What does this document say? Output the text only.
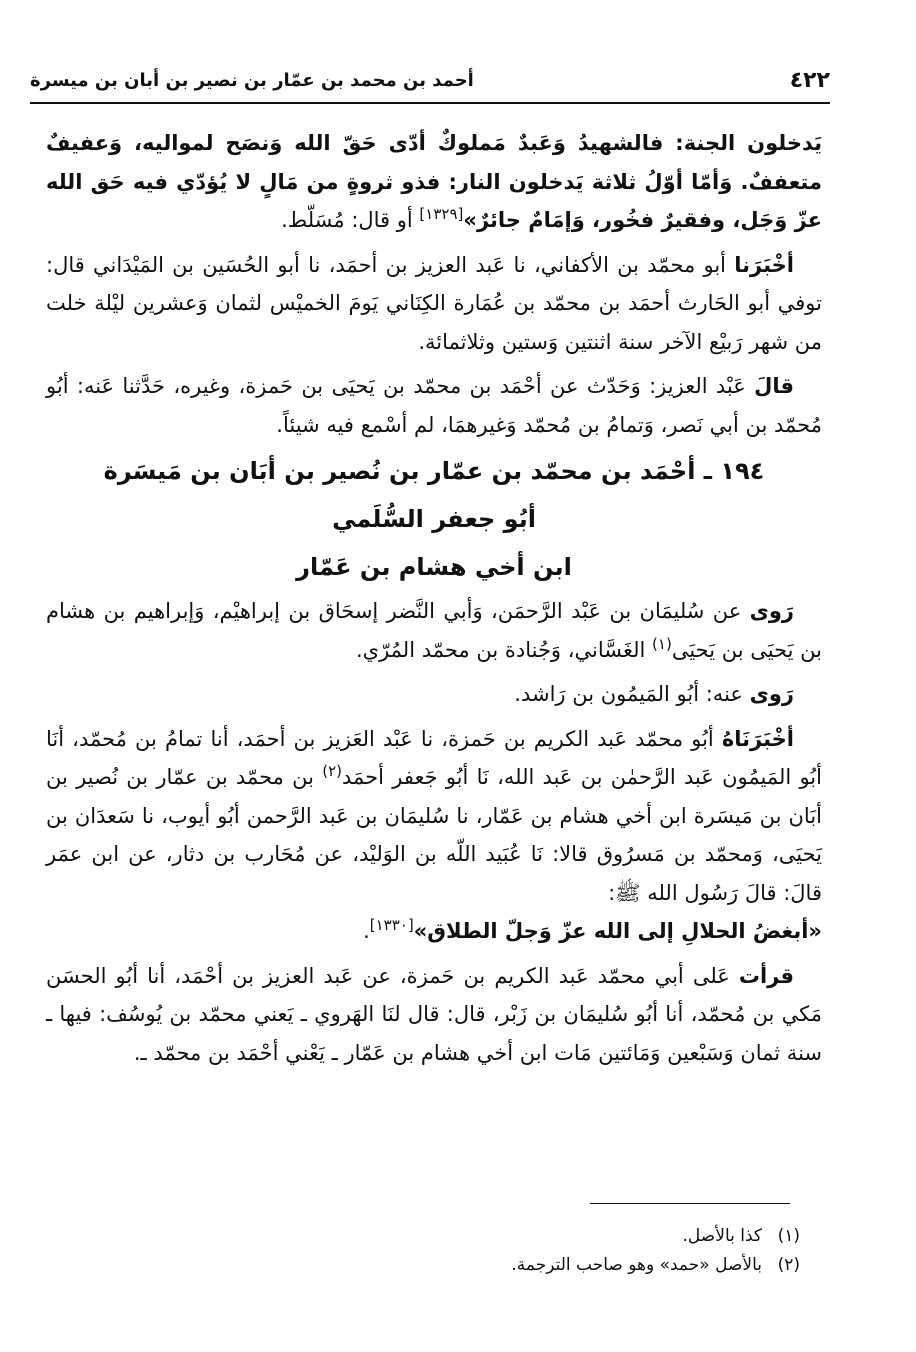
٤٢٢
أحمد بن محمد بن عمّار بن نصير بن أبان بن ميسرة

يَدخلون الجنة: فالشهيدُ وَعَبدٌ مَملوكٌ أدّى حَقّ الله وَنصَح لمواليه، وَعفيفٌ متعففٌ. وَأمّا أوّلُ ثلاثة يَدخلون النار: فذو ثروةٍ من مَالٍ لا يُؤدّي فيه حَق الله عزّ وَجَل، وفقيرٌ فخُور، وَإمَامٌ جائرٌ»[١٣٢٩] أو قال: مُسَلّط.

أخْبَرَنا أبو محمّد بن الأكفاني، نا عَبد العزيز بن أحمَد، نا أبو الحُسَين بن المَيْدَاني قال: توفي أبو الحَارث أحمَد بن محمّد بن عُمَارة الكِنَاني يَومَ الخميْس لثمان وَعشرين ليْلة خلت من شهر رَبيْع الآخر سنة اثنتين وَستين وثلاثمائة.

قالَ عَبْد العزيز: وَحَدّث عن أحْمَد بن محمّد بن يَحيَى بن حَمزة، وغيره، حَدَّثنا عَنه: أبُو مُحمّد بن أبي نَصر، وَتمامُ بن مُحمّد وَغيرهمَا، لم أسْمع فيه شيئاً.

١٩٤ ـ أحْمَد بن محمّد بن عمّار بن نُصير بن أبَان بن مَيسَرة

أبُو جعفر السُّلَمي

ابن أخي هشام بن عَمّار

رَوى عن سُليمَان بن عَبْد الرَّحمَن، وَأبي النَّضر إسحَاق بن إبراهيْم، وَإبراهيم بن هشام بن يَحيَى بن يَحيَى$^{(١)}$ الغَسَّاني، وَجُنادة بن محمّد المُرّي.

رَوى عنه: أبُو المَيمُون بن رَاشد.

أخْبَرَنَاهُ أبُو محمّد عَبد الكريم بن حَمزة، نا عَبْد العَزيز بن أحمَد، أنا تمامُ بن مُحمّد، أنَا أبُو المَيمُون عَبد الرَّحمٰن بن عَبد الله، نَا أبُو جَعفر أحمَد$^{(٢)}$ بن محمّد بن عمّار بن نُصير بن أبَان بن مَيسَرة ابن أخي هشام بن عَمّار، نا سُليمَان بن عَبد الرَّحمن أبُو أيوب، نا سَعدَان بن يَحيَى، وَمحمّد بن مَسرُوق قالا: نَا عُبَيد اللّه بن الوَليْد، عن مُحَارب بن دثار، عن ابن عمَر قالَ: قالَ رَسُول الله ﷺ:
«أبغضُ الحلالِ إلى الله عزّ وَجلّ الطلاق»[١٣٣٠].

قرأت عَلى أبي محمّد عَبد الكريم بن حَمزة، عن عَبد العزيز بن أحْمَد، أنا أبُو الحسَن مَكي بن مُحمّد، أنا أبُو سُليمَان بن زَبْر، قال: قال لنَا الهَروي ـ يَعني محمّد بن يُوسُف: فيها ـ سنة ثمان وَسَبْعين وَمَائتين مَات ابن أخي هشام بن عَمّار ـ يَعْني أحْمَد بن محمّد ـ.

(١)كذا بالأصل.

(٢)بالأصل «حمد» وهو صاحب الترجمة.
